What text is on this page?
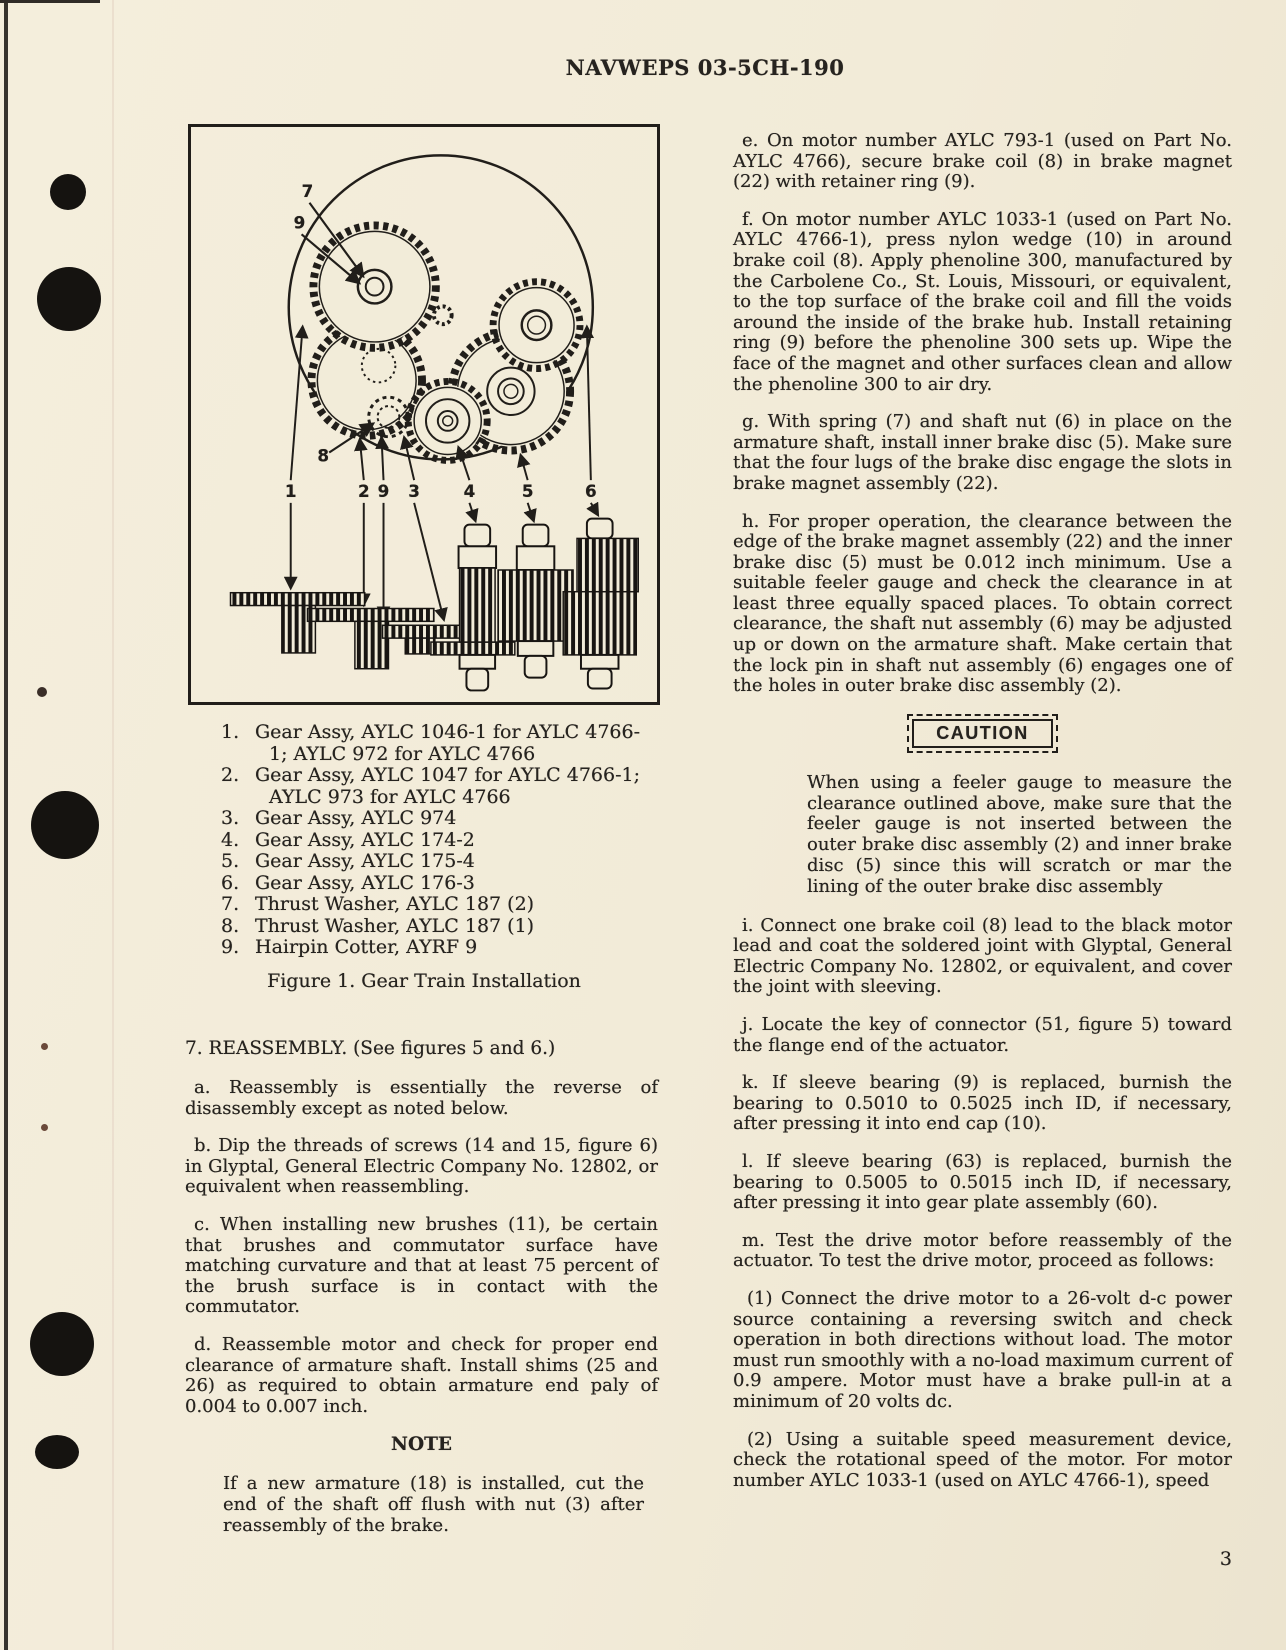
NAVWEPS 03-5CH-190
7
9
8
1	2 9 3	4	5	6
1. Gear Assy, AYLC 1046-1 for AYLC 4766-1; AYLC 972 for AYLC 4766
2. Gear Assy, AYLC 1047 for AYLC 4766-1; AYLC 973 for AYLC 4766
3. Gear Assy, AYLC 974
4. Gear Assy, AYLC 174-2
5. Gear Assy, AYLC 175-4
6. Gear Assy, AYLC 176-3
7. Thrust Washer, AYLC 187 (2)
8. Thrust Washer, AYLC 187 (1)
9. Hairpin Cotter, AYRF 9
Figure 1. Gear Train Installation

7. REASSEMBLY. (See figures 5 and 6.)

a. Reassembly is essentially the reverse of disassembly except as noted below.

b. Dip the threads of screws (14 and 15, figure 6) in Glyptal, General Electric Company No. 12802, or equivalent when reassembling.

c. When installing new brushes (11), be certain that brushes and commutator surface have matching curvature and that at least 75 percent of the brush surface is in contact with the commutator.

d. Reassemble motor and check for proper end clearance of armature shaft. Install shims (25 and 26) as required to obtain armature end paly of 0.004 to 0.007 inch.

NOTE

If a new armature (18) is installed, cut the end of the shaft off flush with nut (3) after reassembly of the brake.

e. On motor number AYLC 793-1 (used on Part No. AYLC 4766), secure brake coil (8) in brake magnet (22) with retainer ring (9).

f. On motor number AYLC 1033-1 (used on Part No. AYLC 4766-1), press nylon wedge (10) in around brake coil (8). Apply phenoline 300, manufactured by the Carbolene Co., St. Louis, Missouri, or equivalent, to the top surface of the brake coil and fill the voids around the inside of the brake hub. Install retaining ring (9) before the phenoline 300 sets up. Wipe the face of the magnet and other surfaces clean and allow the phenoline 300 to air dry.

g. With spring (7) and shaft nut (6) in place on the armature shaft, install inner brake disc (5). Make sure that the four lugs of the brake disc engage the slots in brake magnet assembly (22).

h. For proper operation, the clearance between the edge of the brake magnet assembly (22) and the inner brake disc (5) must be 0.012 inch minimum. Use a suitable feeler gauge and check the clearance in at least three equally spaced places. To obtain correct clearance, the shaft nut assembly (6) may be adjusted up or down on the armature shaft. Make certain that the lock pin in shaft nut assembly (6) engages one of the holes in outer brake disc assembly (2).

CAUTION

When using a feeler gauge to measure the clearance outlined above, make sure that the feeler gauge is not inserted between the outer brake disc assembly (2) and inner brake disc (5) since this will scratch or mar the lining of the outer brake disc assembly

i. Connect one brake coil (8) lead to the black motor lead and coat the soldered joint with Glyptal, General Electric Company No. 12802, or equivalent, and cover the joint with sleeving.

j. Locate the key of connector (51, figure 5) toward the flange end of the actuator.

k. If sleeve bearing (9) is replaced, burnish the bearing to 0.5010 to 0.5025 inch ID, if necessary, after pressing it into end cap (10).

l. If sleeve bearing (63) is replaced, burnish the bearing to 0.5005 to 0.5015 inch ID, if necessary, after pressing it into gear plate assembly (60).

m. Test the drive motor before reassembly of the actuator. To test the drive motor, proceed as follows:

(1) Connect the drive motor to a 26-volt d-c power source containing a reversing switch and check operation in both directions without load. The motor must run smoothly with a no-load maximum current of 0.9 ampere. Motor must have a brake pull-in at a minimum of 20 volts dc.

(2) Using a suitable speed measurement device, check the rotational speed of the motor. For motor number AYLC 1033-1 (used on AYLC 4766-1), speed

3
